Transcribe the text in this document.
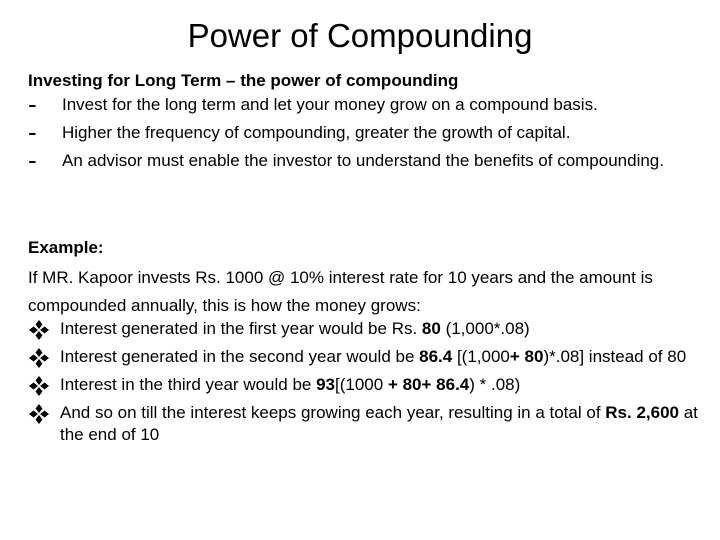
Power of Compounding
Investing for Long Term – the power of compounding
- Invest for the long term and let your money grow on a compound basis.
- Higher the frequency of compounding, greater the growth of capital.
- An advisor must enable the investor to understand the benefits of compounding.
Example:
If MR. Kapoor invests Rs. 1000 @ 10% interest rate for 10 years and the amount is compounded annually, this is how the money grows:
Interest generated in the first year would be Rs. 80 (1,000*.08)
Interest generated in the second year would be 86.4 [(1,000+ 80)*.08] instead of 80
Interest in the third year would be 93[(1000 + 80+ 86.4) * .08)
And so on till the interest keeps growing each year, resulting in a total of Rs. 2,600 at the end of 10
